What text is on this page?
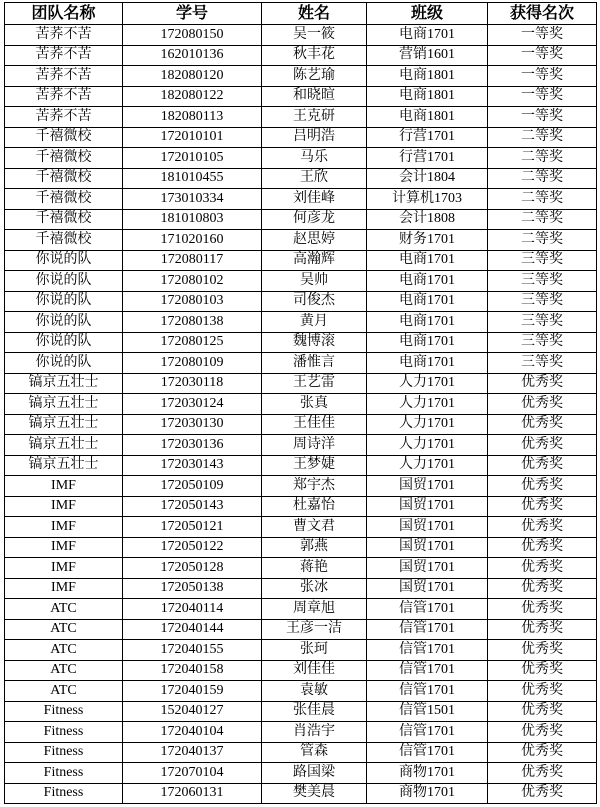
团队名称	学号	姓名	班级	获得名次
苦荞不苦	172080150	吴一筱	电商1701	一等奖
苦荞不苦	162010136	秋丰花	营销1601	一等奖
苦荞不苦	182080120	陈艺瑜	电商1801	一等奖
苦荞不苦	182080122	和晓暄	电商1801	一等奖
苦荞不苦	182080113	王克研	电商1801	一等奖
千禧微校	172010101	吕明浩	行营1701	二等奖
千禧微校	172010105	马乐	行营1701	二等奖
千禧微校	181010455	王欣	会计1804	二等奖
千禧微校	173010334	刘佳峰	计算机1703	二等奖
千禧微校	181010803	何彦龙	会计1808	二等奖
千禧微校	171020160	赵思婷	财务1701	二等奖
你说的队	172080117	高瀚辉	电商1701	三等奖
你说的队	172080102	吴帅	电商1701	三等奖
你说的队	172080103	司俊杰	电商1701	三等奖
你说的队	172080138	黄月	电商1701	三等奖
你说的队	172080125	魏博滚	电商1701	三等奖
你说的队	172080109	潘惟言	电商1701	三等奖
镐京五壮士	172030118	王艺雷	人力1701	优秀奖
镐京五壮士	172030124	张真	人力1701	优秀奖
镐京五壮士	172030130	王佳佳	人力1701	优秀奖
镐京五壮士	172030136	周诗洋	人力1701	优秀奖
镐京五壮士	172030143	王梦婕	人力1701	优秀奖
IMF	172050109	郑宇杰	国贸1701	优秀奖
IMF	172050143	杜嘉怡	国贸1701	优秀奖
IMF	172050121	曹文君	国贸1701	优秀奖
IMF	172050122	郭燕	国贸1701	优秀奖
IMF	172050128	蒋艳	国贸1701	优秀奖
IMF	172050138	张冰	国贸1701	优秀奖
ATC	172040114	周章旭	信管1701	优秀奖
ATC	172040144	王彦一洁	信管1701	优秀奖
ATC	172040155	张珂	信管1701	优秀奖
ATC	172040158	刘佳佳	信管1701	优秀奖
ATC	172040159	袁敏	信管1701	优秀奖
Fitness	152040127	张佳晨	信管1501	优秀奖
Fitness	172040104	肖浩宇	信管1701	优秀奖
Fitness	172040137	管森	信管1701	优秀奖
Fitness	172070104	路国梁	商物1701	优秀奖
Fitness	172060131	樊美晨	商物1701	优秀奖
